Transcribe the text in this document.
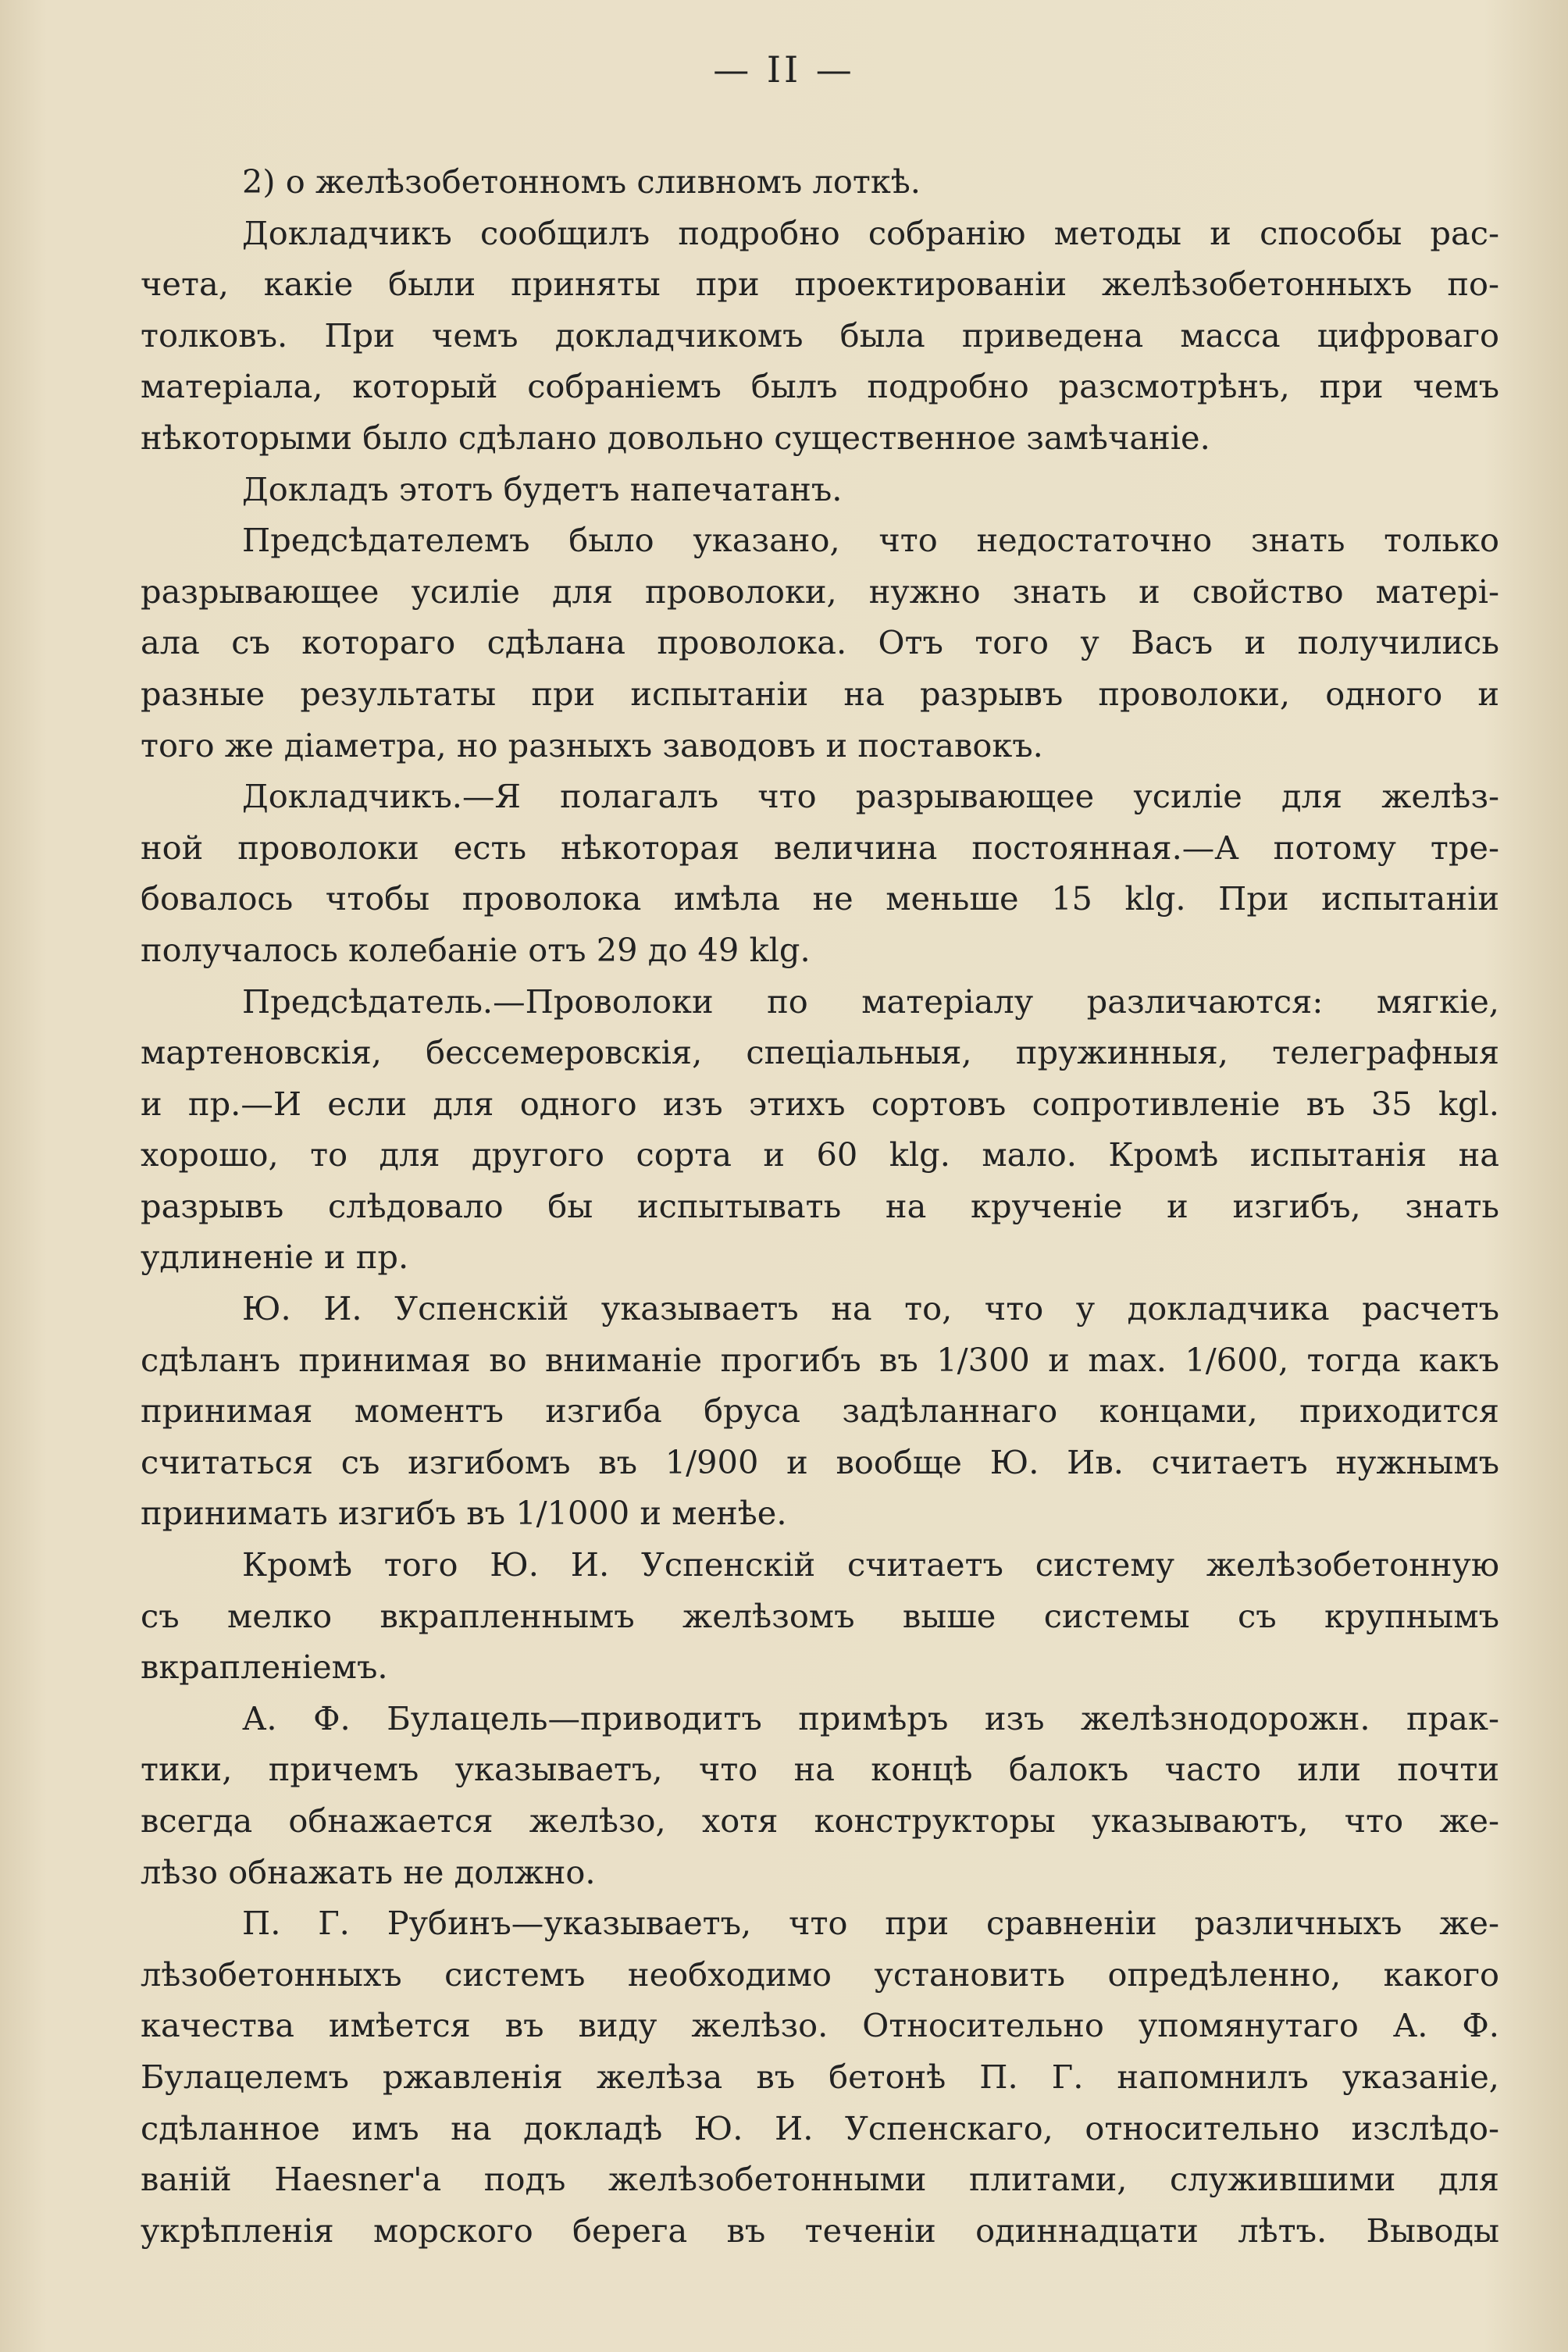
— II —
2) о желѣзобетонномъ сливномъ лоткѣ.
Докладчикъ сообщилъ подробно собранію методы и способы рас-
чета, какіе были приняты при проектированіи желѣзобетонныхъ по-
толковъ. При чемъ докладчикомъ была приведена масса цифроваго
матеріала, который собраніемъ былъ подробно разсмотрѣнъ, при чемъ
нѣкоторыми было сдѣлано довольно существенное замѣчаніе.
Докладъ этотъ будетъ напечатанъ.
Предсѣдателемъ было указано, что недостаточно знать только
разрывающее усиліе для проволоки, нужно знать и свойство матері-
ала съ котораго сдѣлана проволока. Отъ того у Васъ и получились
разные результаты при испытаніи на разрывъ проволоки, одного и
того же діаметра, но разныхъ заводовъ и поставокъ.
Докладчикъ.—Я полагалъ что разрывающее усиліе для желѣз-
ной проволоки есть нѣкоторая величина постоянная.—А потому тре-
бовалось чтобы проволока имѣла не меньше 15 klg. При испытаніи
получалось колебаніе отъ 29 до 49 klg.
Предсѣдатель.—Проволоки по матеріалу различаются: мягкіе,
мартеновскія, бессемеровскія, спеціальныя, пружинныя, телеграфныя
и пр.—И если для одного изъ этихъ сортовъ сопротивленіе въ 35 kgl.
хорошо, то для другого сорта и 60 klg. мало. Кромѣ испытанія на
разрывъ слѣдовало бы испытывать на крученіе и изгибъ, знать
удлиненіе и пр.
Ю. И. Успенскій указываетъ на то, что у докладчика расчетъ
сдѣланъ принимая во вниманіе прогибъ въ 1/300 и max. 1/600, тогда какъ
принимая моментъ изгиба бруса задѣланнаго концами, приходится
считаться съ изгибомъ въ 1/900 и вообще Ю. Ив. считаетъ нужнымъ
принимать изгибъ въ 1/1000 и менѣе.
Кромѣ того Ю. И. Успенскій считаетъ систему желѣзобетонную
съ мелко вкрапленнымъ желѣзомъ выше системы съ крупнымъ
вкрапленіемъ.
А. Ф. Булацель—приводитъ примѣръ изъ желѣзнодорожн. прак-
тики, причемъ указываетъ, что на концѣ балокъ часто или почти
всегда обнажается желѣзо, хотя конструкторы указываютъ, что же-
лѣзо обнажать не должно.
П. Г. Рубинъ—указываетъ, что при сравненіи различныхъ же-
лѣзобетонныхъ системъ необходимо установить опредѣленно, какого
качества имѣется въ виду желѣзо. Относительно упомянутаго А. Ф.
Булацелемъ ржавленія желѣза въ бетонѣ П. Г. напомнилъ указаніе,
сдѣланное имъ на докладѣ Ю. И. Успенскаго, относительно изслѣдо-
ваній Haesner'а подъ желѣзобетонными плитами, служившими для
укрѣпленія морского берега въ теченіи одиннадцати лѣтъ. Выводы
